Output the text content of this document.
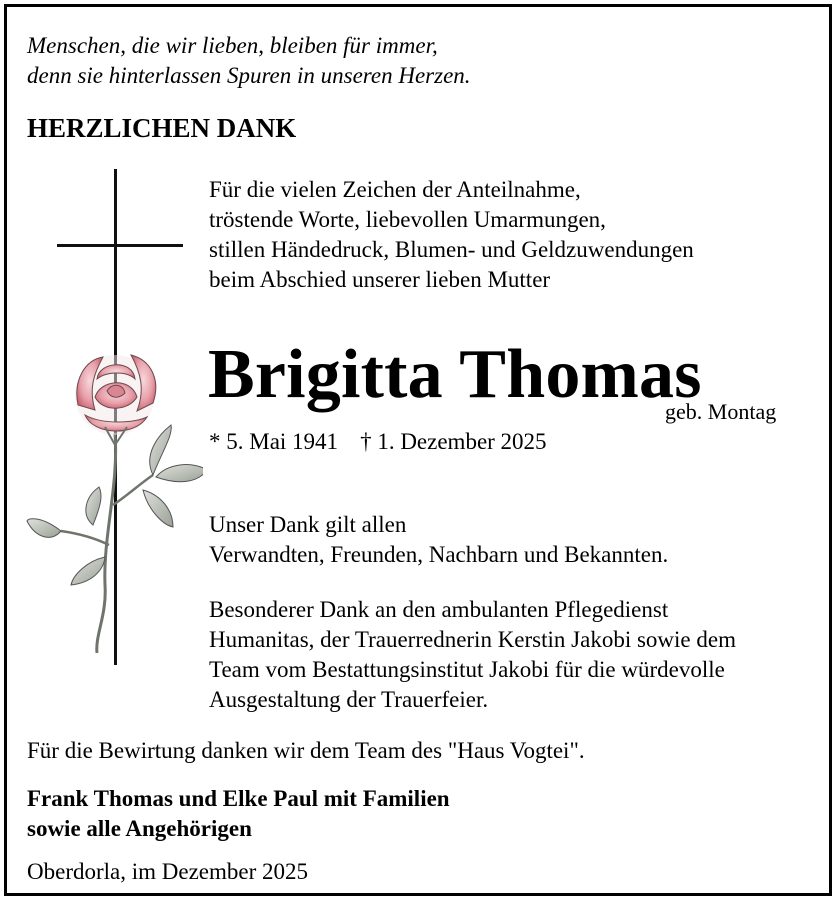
Menschen, die wir lieben, bleiben für immer,
denn sie hinterlassen Spuren in unseren Herzen.
HERZLICHEN DANK
Für die vielen Zeichen der Anteilnahme,
tröstende Worte, liebevollen Umarmungen,
stillen Händedruck, Blumen- und Geldzuwendungen
beim Abschied unserer lieben Mutter
Brigitta Thomas
geb. Montag
* 5. Mai 1941 † 1. Dezember 2025
Unser Dank gilt allen
Verwandten, Freunden, Nachbarn und Bekannten.
Besonderer Dank an den ambulanten Pflegedienst
Humanitas, der Trauerrednerin Kerstin Jakobi sowie dem
Team vom Bestattungsinstitut Jakobi für die würdevolle
Ausgestaltung der Trauerfeier.
Für die Bewirtung danken wir dem Team des "Haus Vogtei".
Frank Thomas und Elke Paul mit Familien
sowie alle Angehörigen
Oberdorla, im Dezember 2025
